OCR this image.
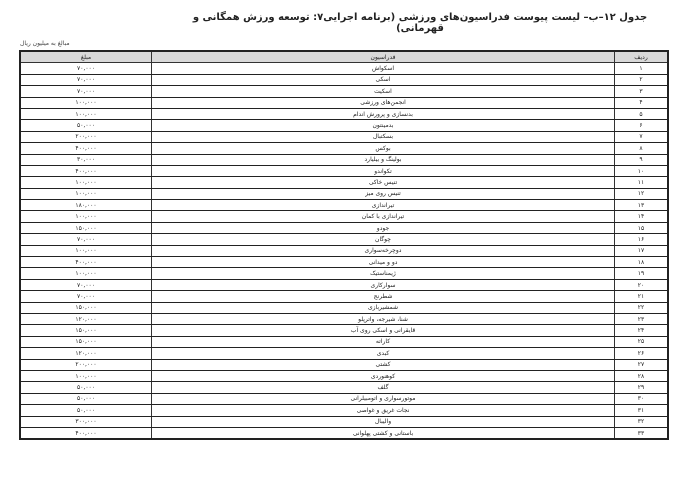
جدول ۱۲–ب– لیست پیوست فدراسیون‌های ورزشی (برنامه اجرایی۷: توسعه ورزش همگانی و قهرمانی)
مبالغ به میلیون ریال
ردیف	فدراسیون	مبلغ
۱	اسکواش	۷۰,۰۰۰
۲	اسکی	۷۰,۰۰۰
۳	اسکیت	۷۰,۰۰۰
۴	انجمن‌های ورزشی	۱۰۰,۰۰۰
۵	بدنسازی و پرورش اندام	۱۰۰,۰۰۰
۶	بدمینتون	۵۰,۰۰۰
۷	بسکتبال	۲۰۰,۰۰۰
۸	بوکس	۴۰۰,۰۰۰
۹	بولینگ و بیلیارد	۳۰,۰۰۰
۱۰	تکواندو	۴۰۰,۰۰۰
۱۱	تنیس خاکی	۱۰۰,۰۰۰
۱۲	تنیس روی میز	۱۰۰,۰۰۰
۱۳	تیراندازی	۱۸۰,۰۰۰
۱۴	تیراندازی با کمان	۱۰۰,۰۰۰
۱۵	جودو	۱۵۰,۰۰۰
۱۶	چوگان	۷۰,۰۰۰
۱۷	دوچرخه‌سواری	۱۰۰,۰۰۰
۱۸	دو و میدانی	۴۰۰,۰۰۰
۱۹	ژیمناستیک	۱۰۰,۰۰۰
۲۰	سوارکاری	۷۰,۰۰۰
۲۱	شطرنج	۷۰,۰۰۰
۲۲	شمشیربازی	۱۵۰,۰۰۰
۲۳	شنا، شیرجه، واترپلو	۱۲۰,۰۰۰
۲۴	قایقرانی و اسکی روی آب	۱۵۰,۰۰۰
۲۵	کاراته	۱۵۰,۰۰۰
۲۶	کبدی	۱۲۰,۰۰۰
۲۷	کشتی	۲۰۰,۰۰۰
۲۸	کوهنوردی	۱۰۰,۰۰۰
۲۹	گلف	۵۰,۰۰۰
۳۰	موتورسواری و اتومبیلرانی	۵۰,۰۰۰
۳۱	نجات غریق و غواصی	۵۰,۰۰۰
۳۲	والیبال	۳۰۰,۰۰۰
۳۳	باستانی و کشتی پهلوانی	۴۰۰,۰۰۰
